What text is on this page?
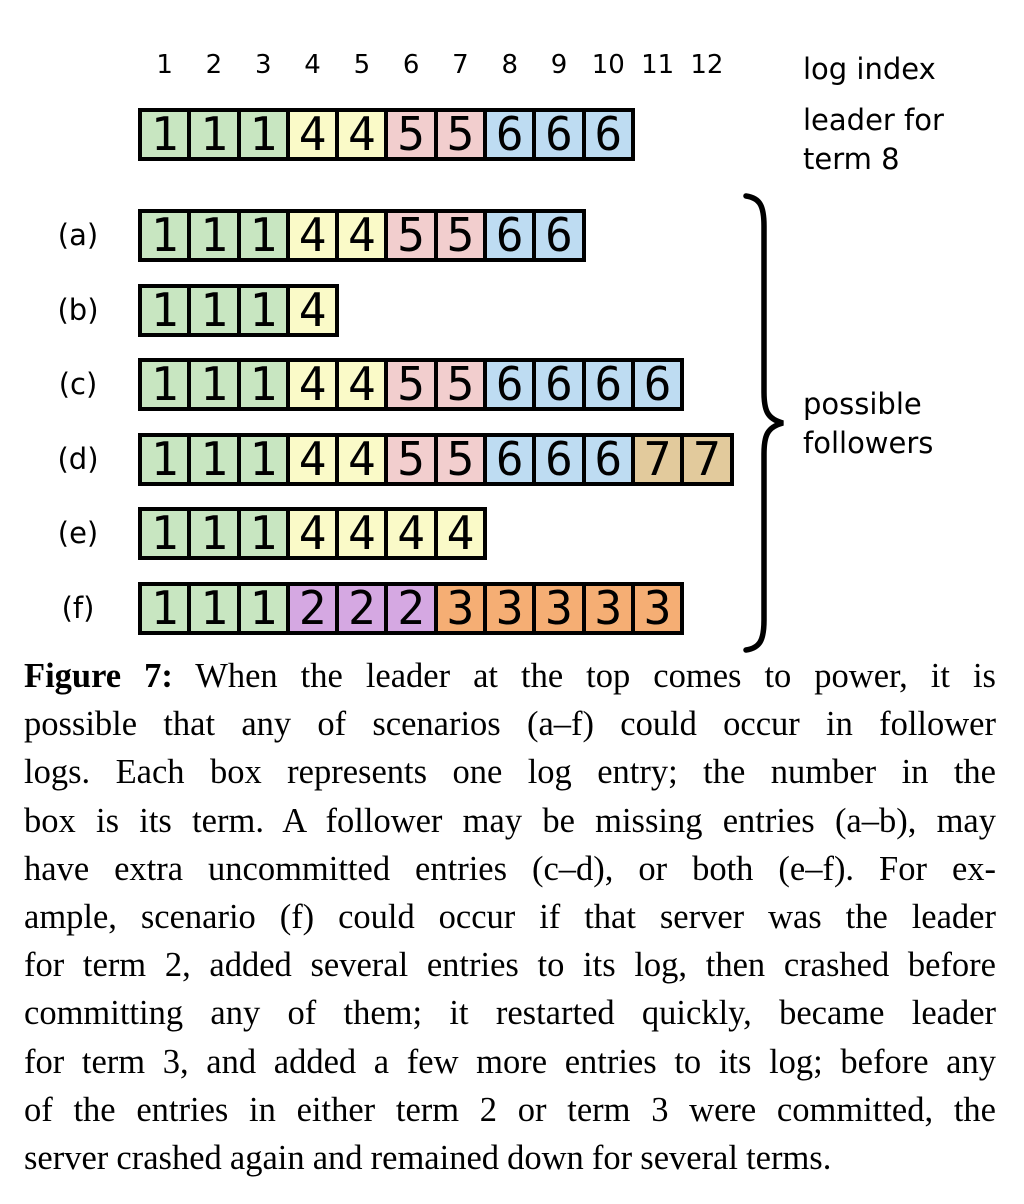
1	2	3	4	5	6	7	8	9 10 11 12
1 1 1 4 4 5 5 6 6 6
(a)	1 1 1 4 4 5 5 6 6
(b)	1 1 1 4
(c)	1 1 1 4 4 5 5 6 6 6 6
(d)	1 1 1 4 4 5 5 6 6 6 7 7
(e)	1 1 1 4 4 4 4
(f)	1 1 1 2 2 2 3 3 3 3 3
log index
leader for
term 8
possible
followers
Figure 7: When the leader at the top comes to power, it is
possible that any of scenarios (a–f) could occur in follower
logs. Each box represents one log entry; the number in the
box is its term. A follower may be missing entries (a–b), may
have extra uncommitted entries (c–d), or both (e–f). For ex-
ample, scenario (f) could occur if that server was the leader
for term 2, added several entries to its log, then crashed before
committing any of them; it restarted quickly, became leader
for term 3, and added a few more entries to its log; before any
of the entries in either term 2 or term 3 were committed, the
server crashed again and remained down for several terms.
